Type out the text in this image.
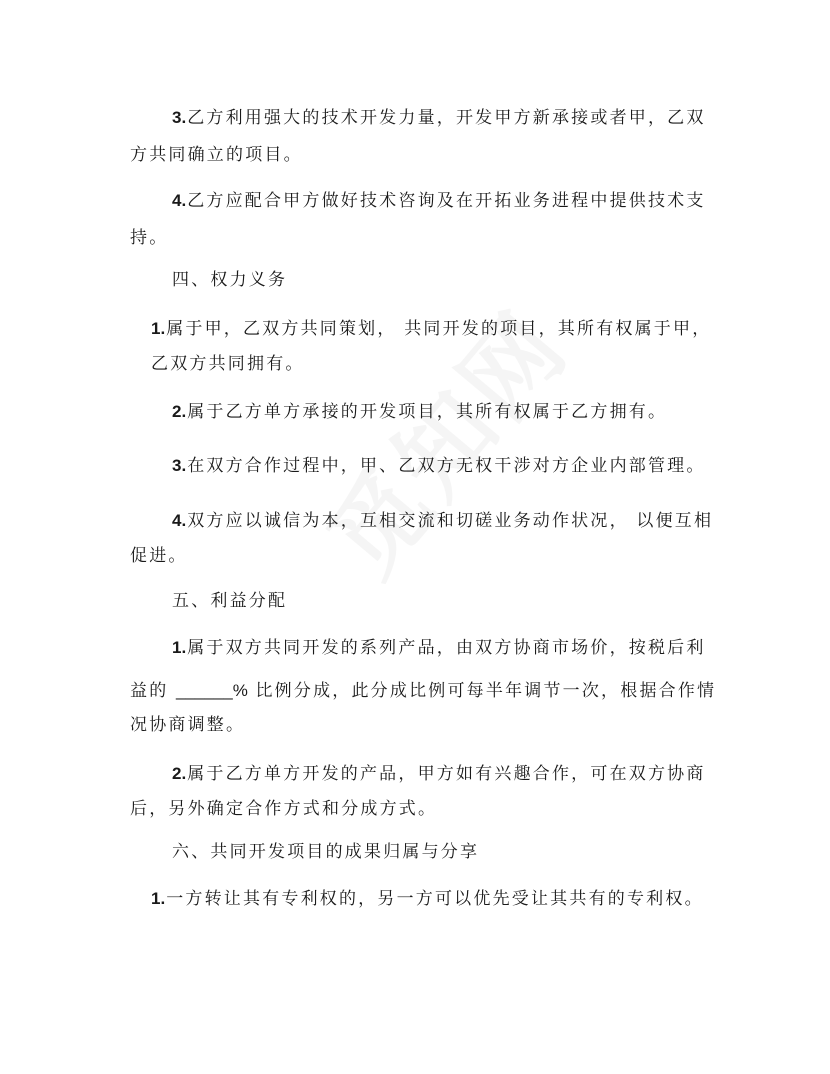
3.乙方利用强大的技术开发力量，开发甲方新承接或者甲，乙双
方共同确立的项目。
4.乙方应配合甲方做好技术咨询及在开拓业务进程中提供技术支
持。
四、权力义务
1.属于甲，乙双方共同策划， 共同开发的项目，其所有权属于甲，
乙双方共同拥有。
2.属于乙方单方承接的开发项目，其所有权属于乙方拥有。
3.在双方合作过程中，甲、乙双方无权干涉对方企业内部管理。
4.双方应以诚信为本，互相交流和切磋业务动作状况， 以便互相
促进。
五、利益分配
1.属于双方共同开发的系列产品，由双方协商市场价，按税后利
益的 ______% 比例分成，此分成比例可每半年调节一次，根据合作情
况协商调整。
2.属于乙方单方开发的产品，甲方如有兴趣合作，可在双方协商
后，另外确定合作方式和分成方式。
六、共同开发项目的成果归属与分享
1.一方转让其有专利权的，另一方可以优先受让其共有的专利权。
